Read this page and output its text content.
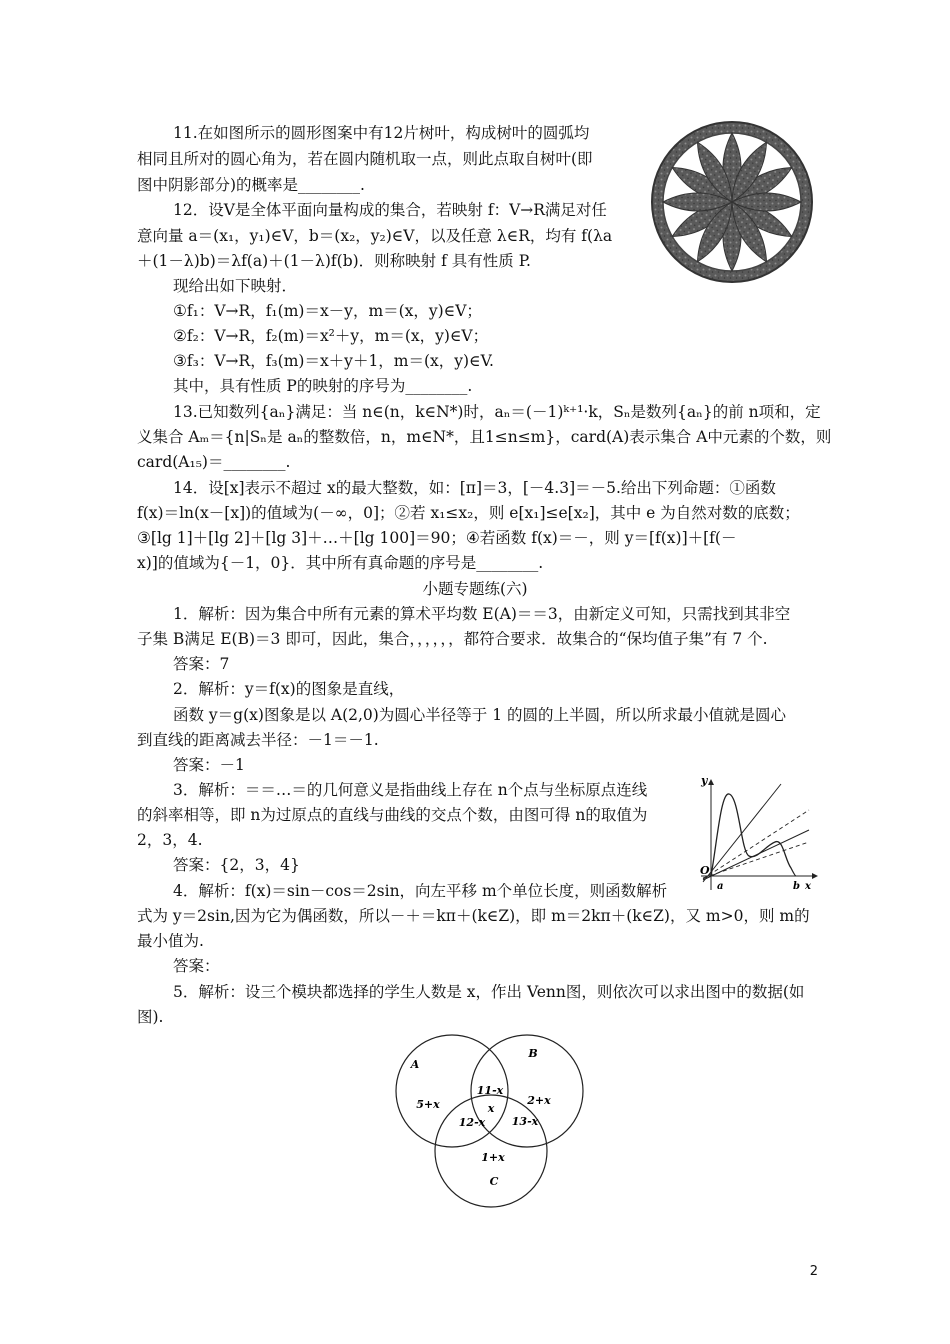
11.在如图所示的圆形图案中有12片树叶，构成树叶的圆弧均
相同且所对的圆心角为，若在圆内随机取一点，则此点取自树叶(即
图中阴影部分)的概率是________.
12．设V是全体平面向量构成的集合，若映射 f：V→R满足对任
意向量 a＝(x₁，y₁)∈V，b＝(x₂，y₂)∈V，以及任意 λ∈R，均有 f(λa
＋(1－λ)b)＝λf(a)＋(1－λ)f(b)．则称映射 f 具有性质 P.
现给出如下映射．
①f₁：V→R，f₁(m)＝x－y，m＝(x，y)∈V；
②f₂：V→R，f₂(m)＝x²＋y，m＝(x，y)∈V；
③f₃：V→R，f₃(m)＝x＋y＋1，m＝(x，y)∈V.
其中，具有性质 P的映射的序号为________.
13.已知数列{aₙ}满足：当 n∈(n，k∈N*)时，aₙ＝(－1)ᵏ⁺¹·k，Sₙ是数列{aₙ}的前 n项和，定
义集合 Aₘ＝{n|Sₙ是 aₙ的整数倍，n，m∈N*，且1≤n≤m}，card(A)表示集合 A中元素的个数，则
card(A₁₅)＝________.
14．设[x]表示不超过 x的最大整数，如：[π]＝3，[－4.3]＝－5.给出下列命题：①函数
f(x)＝ln(x－[x])的值域为(－∞，0]；②若 x₁≤x₂，则 e[x₁]≤e[x₂]，其中 e 为自然对数的底数；
③[lg 1]＋[lg 2]＋[lg 3]＋…＋[lg 100]＝90；④若函数 f(x)＝－，则 y＝[f(x)]＋[f(－
x)]的值域为{－1，0}．其中所有真命题的序号是________.
小题专题练(六)
1．解析：因为集合中所有元素的算术平均数 E(A)＝＝3，由新定义可知，只需找到其非空
子集 B满足 E(B)＝3 即可，因此，集合，，，，，，都符合要求．故集合的“保均值子集”有 7 个.
答案：7
2．解析：y＝f(x)的图象是直线，
函数 y＝g(x)图象是以 A(2,0)为圆心半径等于 1 的圆的上半圆，所以所求最小值就是圆心
到直线的距离减去半径：－1＝－1.
答案：－1
3．解析：＝＝…＝的几何意义是指曲线上存在 n个点与坐标原点连线
的斜率相等，即 n为过原点的直线与曲线的交点个数，由图可得 n的取值为
2，3，4.
答案：{2，3，4}
4．解析：f(x)＝sin－cos＝2sin，向左平移 m个单位长度，则函数解析
式为 y＝2sin,因为它为偶函数，所以－＋＝kπ＋(k∈Z)，即 m＝2kπ＋(k∈Z)，又 m>0，则 m的
最小值为.
答案：
5．解析：设三个模块都选择的学生人数是 x，作出 Venn图，则依次可以求出图中的数据(如
图).
y
O
a	b x
A
B
C
5+x	2+x
1+x
11-x
12-x 13-x
x
2
